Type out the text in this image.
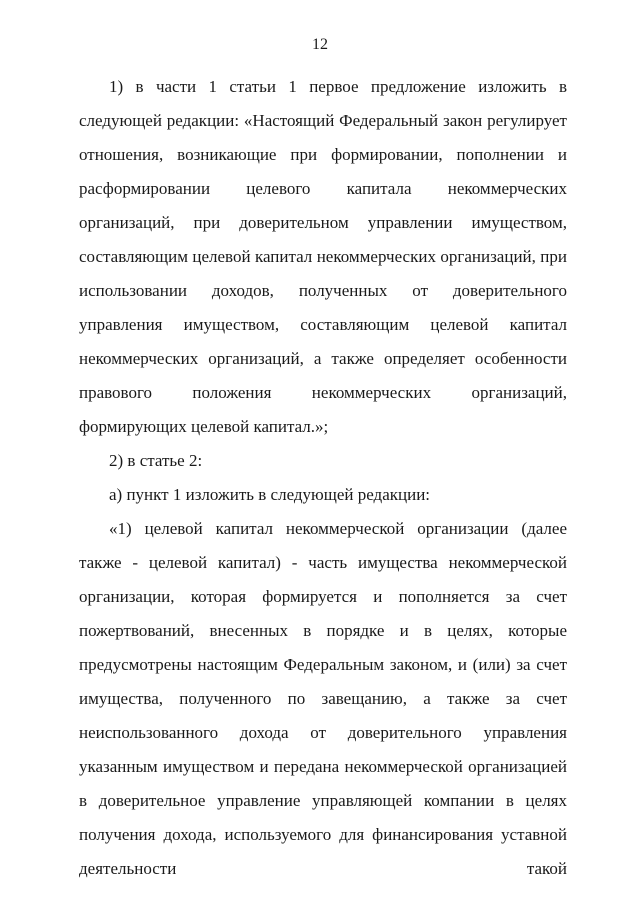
12

1) в части 1 статьи 1 первое предложение изложить в следующей редакции: «Настоящий Федеральный закон регулирует отношения, возникающие при формировании, пополнении и расформировании целевого капитала некоммерческих организаций, при доверительном управлении имуществом, составляющим целевой капитал некоммерческих организаций, при использовании доходов, полученных от доверительного управления имуществом, составляющим целевой капитал некоммерческих организаций, а также определяет особенности правового положения некоммерческих организаций, формирующих целевой капитал.»;

2) в статье 2:

а) пункт 1 изложить в следующей редакции:

«1) целевой капитал некоммерческой организации (далее также - целевой капитал) - часть имущества некоммерческой организации, которая формируется и пополняется за счет пожертвований, внесенных в порядке и в целях, которые предусмотрены настоящим Федеральным законом, и (или) за счет имущества, полученного по завещанию, а также за счет неиспользованного дохода от доверительного управления указанным имуществом и передана некоммерческой организацией в доверительное управление управляющей компании в целях получения дохода, используемого для финансирования уставной деятельности такой
